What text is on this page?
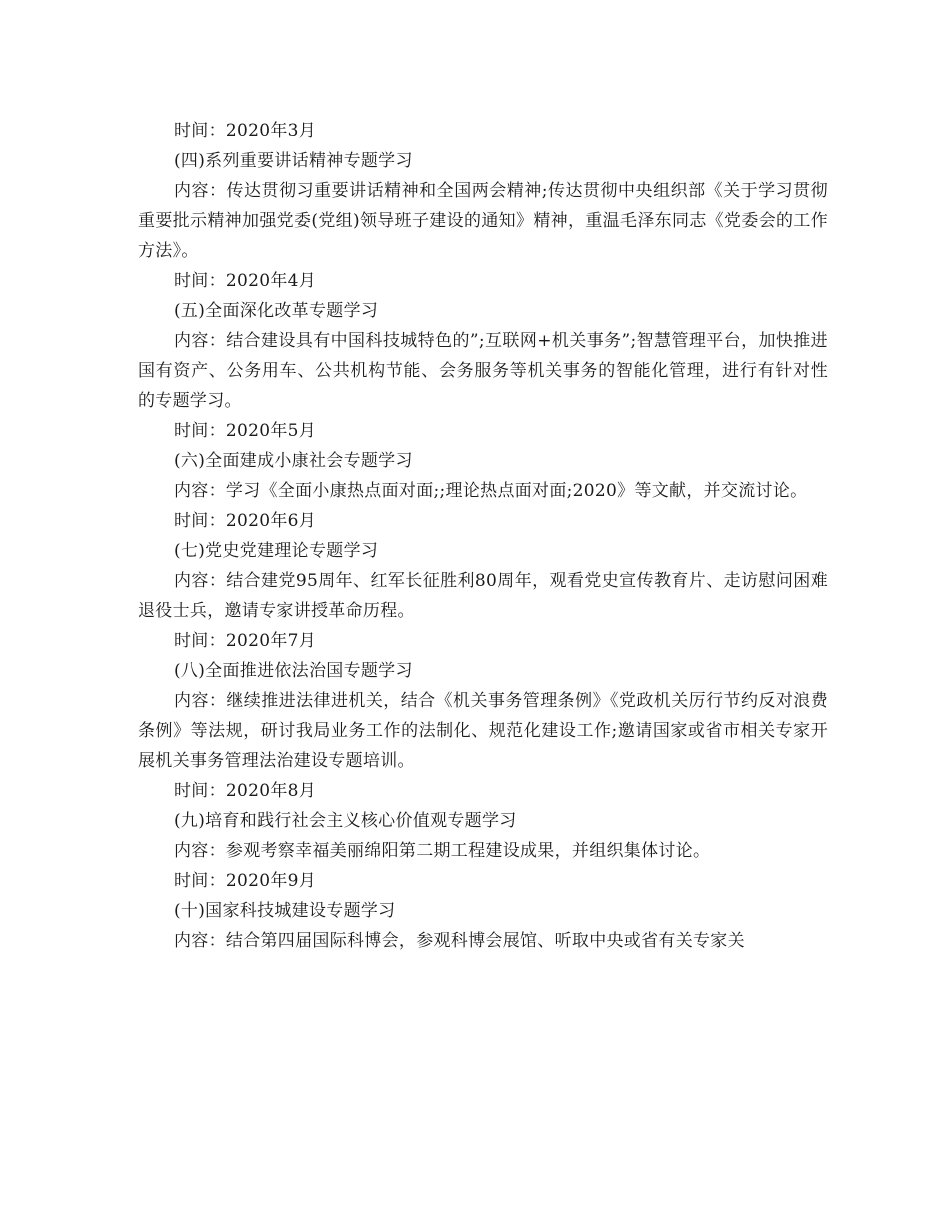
时间：2020年3月

(四)系列重要讲话精神专题学习

内容：传达贯彻习重要讲话精神和全国两会精神;传达贯彻中央组织部《关于学习贯彻重要批示精神加强党委(党组)领导班子建设的通知》精神，重温毛泽东同志《党委会的工作方法》。

时间：2020年4月

(五)全面深化改革专题学习

内容：结合建设具有中国科技城特色的”;互联网+机关事务”;智慧管理平台，加快推进国有资产、公务用车、公共机构节能、会务服务等机关事务的智能化管理，进行有针对性的专题学习。

时间：2020年5月

(六)全面建成小康社会专题学习

内容：学习《全面小康热点面对面;;理论热点面对面;2020》等文献，并交流讨论。

时间：2020年6月

(七)党史党建理论专题学习

内容：结合建党95周年、红军长征胜利80周年，观看党史宣传教育片、走访慰问困难退役士兵，邀请专家讲授革命历程。

时间：2020年7月

(八)全面推进依法治国专题学习

内容：继续推进法律进机关，结合《机关事务管理条例》《党政机关厉行节约反对浪费条例》等法规，研讨我局业务工作的法制化、规范化建设工作;邀请国家或省市相关专家开展机关事务管理法治建设专题培训。

时间：2020年8月

(九)培育和践行社会主义核心价值观专题学习

内容：参观考察幸福美丽绵阳第二期工程建设成果，并组织集体讨论。

时间：2020年9月

(十)国家科技城建设专题学习

内容：结合第四届国际科博会，参观科博会展馆、听取中央或省有关专家关
